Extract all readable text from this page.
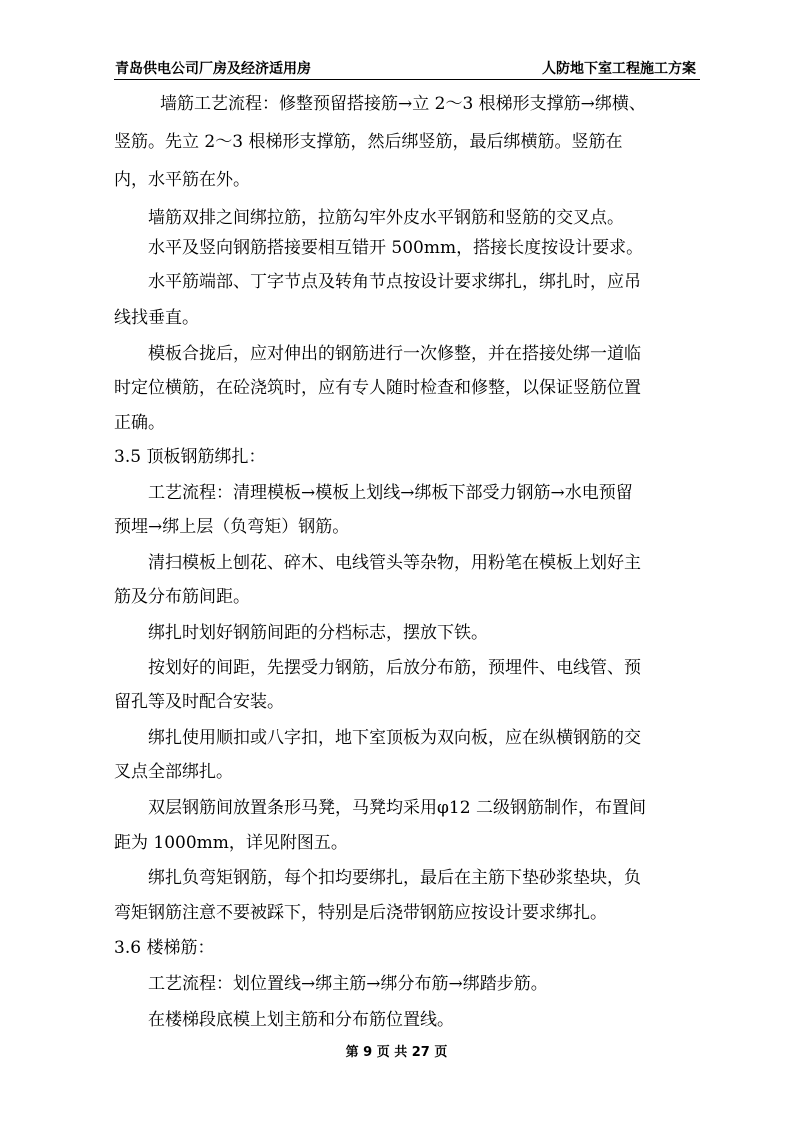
青岛供电公司厂房及经济适用房	人防地下室工程施工方案
墙筋工艺流程：修整预留搭接筋→立 2～3 根梯形支撑筋→绑横、
竖筋。先立 2～3 根梯形支撑筋，然后绑竖筋，最后绑横筋。竖筋在
内，水平筋在外。
墙筋双排之间绑拉筋，拉筋勾牢外皮水平钢筋和竖筋的交叉点。
水平及竖向钢筋搭接要相互错开 500mm，搭接长度按设计要求。
水平筋端部、丁字节点及转角节点按设计要求绑扎，绑扎时，应吊
线找垂直。
模板合拢后，应对伸出的钢筋进行一次修整，并在搭接处绑一道临
时定位横筋，在砼浇筑时，应有专人随时检查和修整，以保证竖筋位置
正确。
3.5 顶板钢筋绑扎：
工艺流程：清理模板→模板上划线→绑板下部受力钢筋→水电预留
预埋→绑上层（负弯矩）钢筋。
清扫模板上刨花、碎木、电线管头等杂物，用粉笔在模板上划好主
筋及分布筋间距。
绑扎时划好钢筋间距的分档标志，摆放下铁。
按划好的间距，先摆受力钢筋，后放分布筋，预埋件、电线管、预
留孔等及时配合安装。
绑扎使用顺扣或八字扣，地下室顶板为双向板，应在纵横钢筋的交
叉点全部绑扎。
双层钢筋间放置条形马凳，马凳均采用φ12 二级钢筋制作，布置间
距为 1000mm，详见附图五。
绑扎负弯矩钢筋，每个扣均要绑扎，最后在主筋下垫砂浆垫块，负
弯矩钢筋注意不要被踩下，特别是后浇带钢筋应按设计要求绑扎。
3.6 楼梯筋：
工艺流程：划位置线→绑主筋→绑分布筋→绑踏步筋。
在楼梯段底模上划主筋和分布筋位置线。
第 9 页 共 27 页
